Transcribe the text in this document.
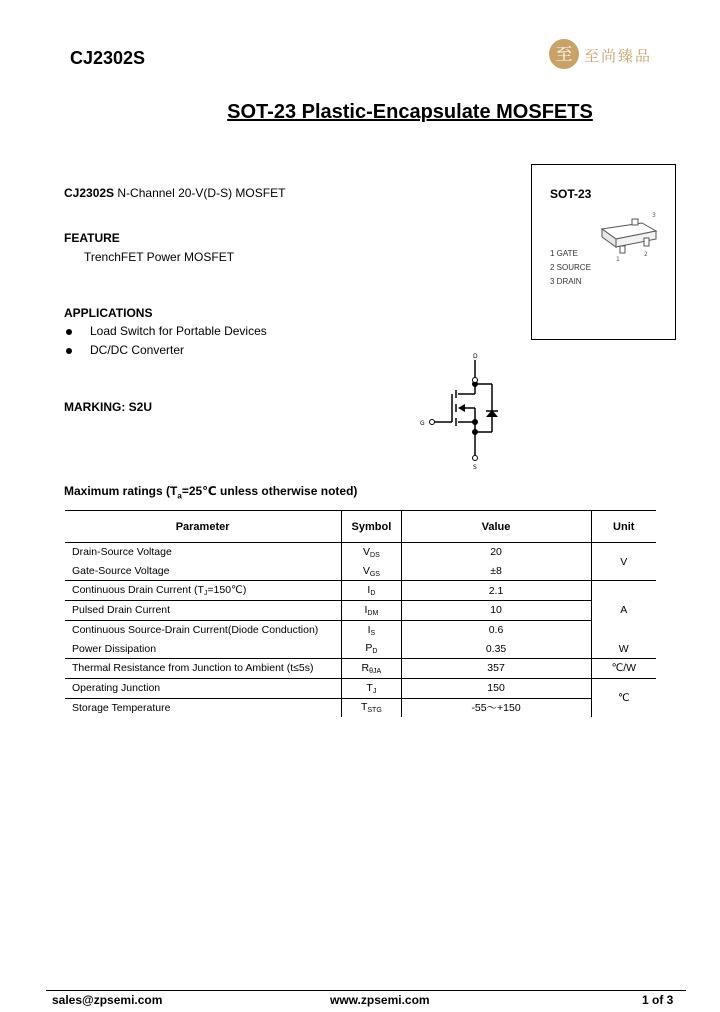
CJ2302S	至 至尚臻品
SOT-23 Plastic-Encapsulate MOSFETS
CJ2302S N-Channel 20-V(D-S) MOSFET
FEATURE
TrenchFET Power MOSFET
APPLICATIONS
Load Switch for Portable Devices
DC/DC Converter
MARKING: S2U
SOT-23
3
1
2
1 GATE
2 SOURCE
3 DRAIN
D
G
S
Maximum ratings ($T_a=25℃$ unless otherwise noted)
Parameter	Symbol	Value	Unit
Drain-Source Voltage	VDS	20	V
Gate-Source Voltage	VGS	±8	
Continuous Drain Current (TJ=150℃)	ID	2.1	A
Pulsed Drain Current	IDM	10	
Continuous Source-Drain Current(Diode Conduction)	IS	0.6	
Power Dissipation	PD	0.35	W
Thermal Resistance from Junction to Ambient (t≤5s)	RθJA	357	℃/W
Operating Junction	TJ	150	℃
Storage Temperature	TSTG	-55～+150	
sales@zpsemi.com	www.zpsemi.com	1 of 3
